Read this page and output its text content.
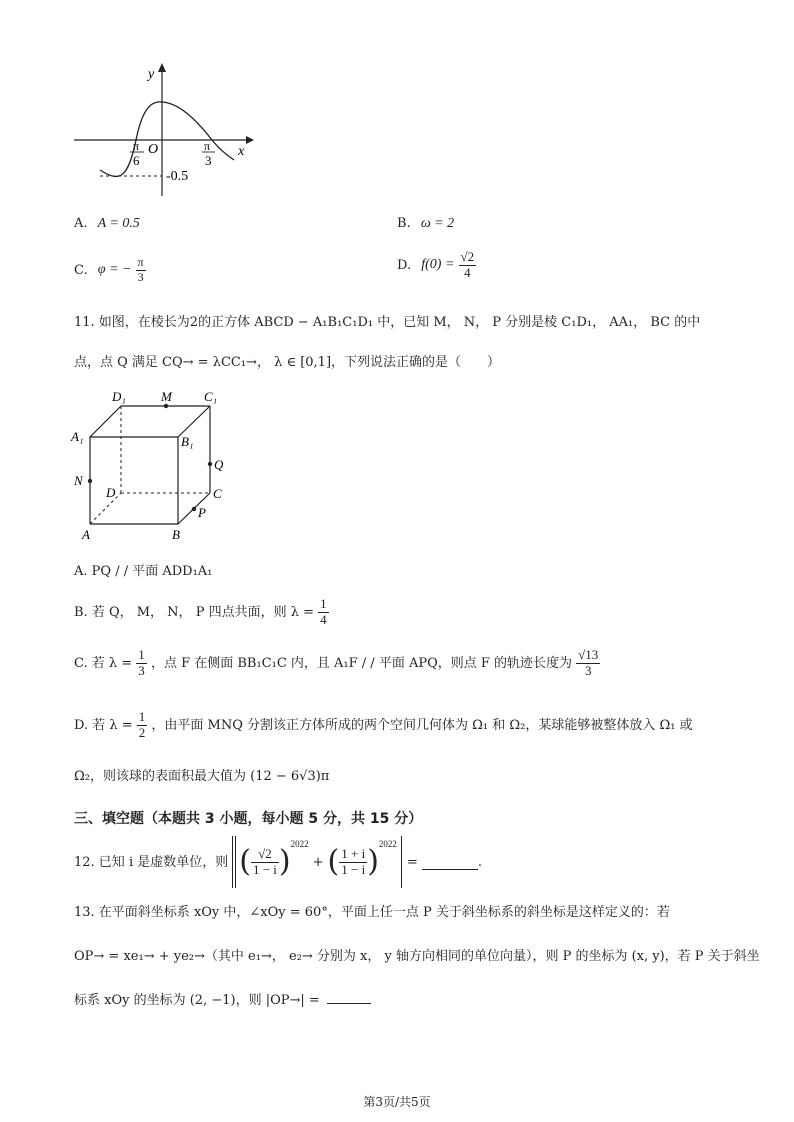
y
x
O
π
6
π
3
-0.5
A. A = 0.5	B. ω = 2
C. φ = − $\frac{\pi}{3}$	D. $f(0) = \frac{√2}{4}$
11. 如图，在棱长为2的正方体 ABCD − A₁B₁C₁D₁ 中，已知 M， N， P 分别是棱 C₁D₁， AA₁， BC 的中
点，点 Q 满足 CQ→ = λCC₁→， λ ∈ [0,1]，下列说法正确的是（　　）
D₁	M C₁
A₁	B₁
Q
N
D	C
P
A	B
A. PQ / / 平面 ADD₁A₁
B. 若 Q， M， N， P 四点共面，则 $\lambda = \frac{1}{4}$
C. 若 $\lambda = \frac{1}{3}$ ，点 F 在侧面 BB₁C₁C 内，且 A₁F / / 平面 APQ，则点 F 的轨迹长度为 $\frac{√13}{3}$
D. 若 $\lambda = \frac{1}{2}$ ，由平面 MNQ 分割该正方体所成的两个空间几何体为 Ω₁ 和 Ω₂，某球能够被整体放入 Ω₁ 或
Ω₂，则该球的表面积最大值为 (12 − 6√3)π
三、填空题（本题共 3 小题，每小题 5 分，共 15 分）
12. 已知 i 是虚数单位，则 ( $\frac{√2}{1 - i}$ ) 2022
+ ( $\frac{1 + i}{1 - i}$ ) 2022
=	.
13. 在平面斜坐标系 xOy 中，∠xOy = 60°，平面上任一点 P 关于斜坐标系的斜坐标是这样定义的：若
OP→ = xe₁→ + ye₂→（其中 e₁→， e₂→ 分别为 x， y 轴方向相同的单位向量），则 P 的坐标为 (x, y)，若 P 关于斜坐
标系 xOy 的坐标为 (2, −1)，则 |OP→| =
第3页/共5页
